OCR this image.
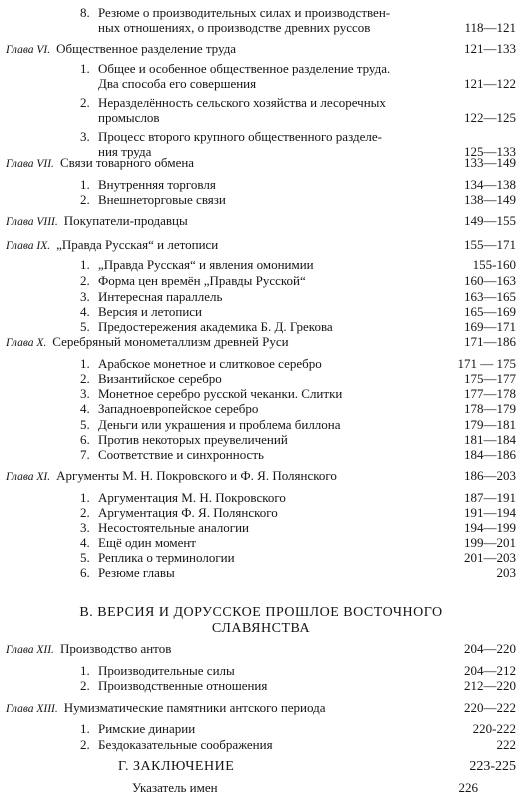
8. Резюме о производительных силах и производствен-
ных отношениях, о производстве древних руссов	118—121
Глава VI. Общественное разделение труда	121—133
1. Общее и особенное общественное разделение труда.
Два способа его совершения	121—122
2. Неразделённость сельского хозяйства и лесоречных
промыслов	122—125
3. Процесс второго крупного общественного разделе-
ния труда	125—133
Глава VII. Связи товарного обмена	133—149
1. Внутренняя торговля	134—138
2. Внешнеторговые связи	138—149
Глава VIII. Покупатели-продавцы	149—155
Глава IX. „Правда Русская“ и летописи	155—171
1. „Правда Русская“ и явления омонимии	155-160
2. Форма цен времён „Правды Русской“	160—163
3. Интересная параллель	163—165
4. Версия и летописи	165—169
5. Предостережения академика Б. Д. Грекова	169—171
Глава X. Серебряный монометаллизм древней Руси	171—186
1. Арабское монетное и слитковое серебро	171 — 175
2. Византийское серебро	175—177
3. Монетное серебро русской чеканки. Слитки	177—178
4. Западноевропейское серебро	178—179
5. Деньги или украшения и проблема биллона	179—181
6. Против некоторых преувеличений	181—184
7. Соответствие и синхронность	184—186
Глава XI. Аргументы М. Н. Покровского и Ф. Я. Полянского	186—203
1. Аргументация М. Н. Покровского	187—191
2. Аргументация Ф. Я. Полянского	191—194
3. Несостоятельные аналогии	194—199
4. Ещё один момент	199—201
5. Реплика о терминологии	201—203
6. Резюме главы	203
В. ВЕРСИЯ И ДОРУССКОЕ ПРОШЛОЕ ВОСТОЧНОГО
СЛАВЯНСТВА
Глава XII. Производство антов	204—220
1. Производительные силы	204—212
2. Производственные отношения	212—220
Глава XIII. Нумизматические памятники антского периода	220—222
1. Римские динарии	220-222
2. Бездоказательные соображения	222
Г. ЗАКЛЮЧЕНИЕ	223-225
Указатель имен	226
